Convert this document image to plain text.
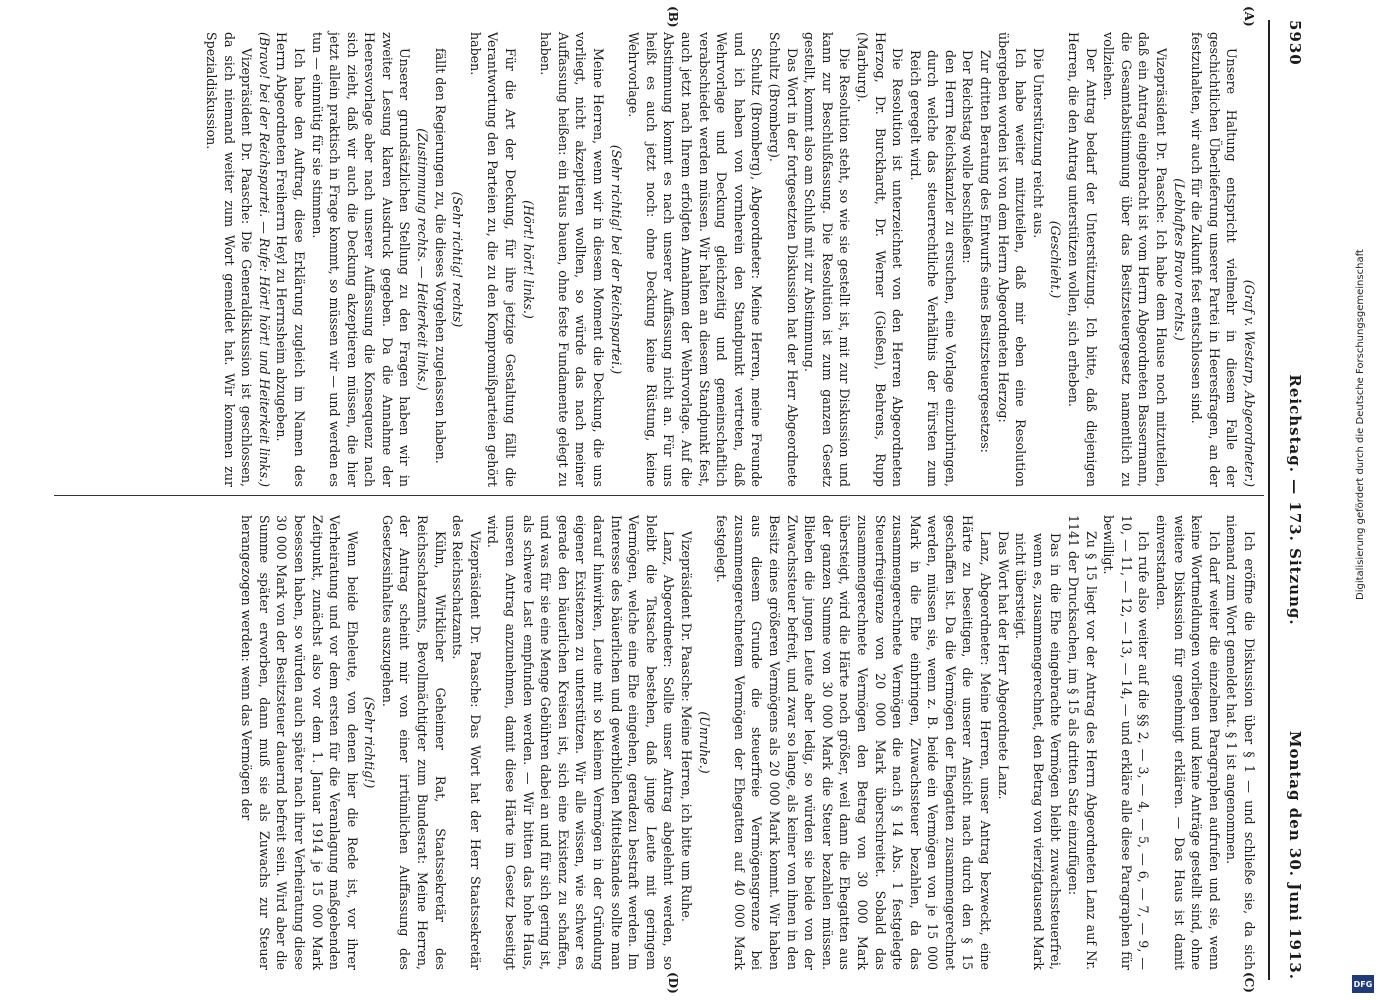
5930
Reichstag. — 173. Sitzung.
Montag den 30. Juni 1913.
(A)
(B)
(C)
(D)

(Graf v. Westarp, Abgeordneter.)

Unsere Haltung entspricht vielmehr in diesem Falle der geschichtlichen Überlieferung unserer Partei in Heeresfragen, an der festzuhalten, wir auch für die Zukunft fest entschlossen sind.

(Lebhaftes Bravo rechts.)

Vizepräsident Dr. Paasche: Ich habe dem Hause noch mitzuteilen, daß ein Antrag eingebracht ist vom Herrn Abgeordneten Bassermann, die Gesamtabstimmung über das Besitzsteuergesetz namentlich zu vollziehen.

Der Antrag bedarf der Unterstützung. Ich bitte, daß diejenigen Herren, die den Antrag unterstützen wollen, sich erheben.

(Geschieht.)

Die Unterstützung reicht aus.

Ich habe weiter mitzuteilen, daß mir eben eine Resolution übergeben worden ist von dem Herrn Abgeordneten Herzog:

Zur dritten Beratung des Entwurfs eines Besitzsteuergesetzes:

Der Reichstag wolle beschließen:

den Herrn Reichskanzler zu ersuchen, eine Vorlage einzubringen, durch welche das steuerrechtliche Verhältnis der Fürsten zum Reich geregelt wird.

Die Resolution ist unterzeichnet von den Herren Abgeordneten Herzog, Dr. Burckhardt, Dr. Werner (Gießen), Behrens, Rupp (Marburg).

Die Resolution steht, so wie sie gestellt ist, mit zur Diskussion und kann zur Beschlußfassung. Die Resolution ist zum ganzen Gesetz gestellt, kommt also am Schluß mit zur Abstimmung.

Das Wort in der fortgesetzten Diskussion hat der Herr Abgeordnete Schultz (Bromberg).

Schultz (Bromberg), Abgeordneter: Meine Herren, meine Freunde und ich haben von vornherein den Standpunkt vertreten, daß Wehrvorlage und Deckung gleichzeitig und gemeinschaftlich verabschiedet werden müssen. Wir halten an diesem Standpunkt fest, auch jetzt nach Ihrem erfolgten Annahmen der Wehrvorlage. Auf die Abstimmung kommt es nach unserer Auffassung nicht an. Für uns heißt es auch jetzt noch: ohne Deckung keine Rüstung, keine Wehrvorlage.

(Sehr richtig! bei der Reichspartei.)

Meine Herren, wenn wir in diesem Moment die Deckung, die uns vorliegt, nicht akzeptieren wollten, so würde das nach meiner Auffassung heißen: ein Haus bauen, ohne feste Fundamente gelegt zu haben.

(Hört! hört! links.)

Für die Art der Deckung, für ihre jetzige Gestaltung fällt die Verantwortung den Parteien zu, die zu den Kompromißparteien gehört haben.

(Sehr richtig! rechts)

fällt den Regierungen zu, die dieses Vorgehen zugelassen haben.

(Zustimmung rechts. — Heiterkeit links.)

Unserer grundsätzlichen Stellung zu den Fragen haben wir in zweiter Lesung klaren Ausdruck gegeben. Da die Annahme der Heeresvorlage aber nach unserer Auffassung die Konsequenz nach sich zieht, daß wir auch die Deckung akzeptieren müssen, die hier jetzt allein praktisch in Frage kommt, so müssen wir — und werden es tun — einmütig für sie stimmen.

Ich habe den Auftrag, diese Erklärung zugleich im Namen des Herrn Abgeordneten Freiherrn Heyl zu Herrnsheim abzugeben.

(Bravo! bei der Reichspartei. — Rufe: Hört! hört! und Heiterkeit links.)

Vizepräsident Dr. Paasche: Die Generaldiskussion ist geschlossen, da sich niemand weiter zum Wort gemeldet hat. Wir kommen zur Spezialdiskussion.

Ich eröffne die Diskussion über § 1 — und schließe sie, da sich niemand zum Wort gemeldet hat. § 1 ist angenommen.

Ich darf weiter die einzelnen Paragraphen aufrufen und sie, wenn keine Wortmeldungen vorliegen und keine Anträge gestellt sind, ohne weitere Diskussion für genehmigt erklären. — Das Haus ist damit einverstanden.

Ich rufe also weiter auf die §§ 2, — 3, — 4, — 5, — 6, — 7, — 9, — 10, — 11, — 12, — 13, — 14, — und erkläre alle diese Paragraphen für bewilligt.

Zu § 15 liegt vor der Antrag des Herrn Abgeordneten Lanz auf Nr. 1141 der Drucksachen, im § 15 als dritten Satz einzufügen:

Das in die Ehe eingebrachte Vermögen bleibt zuwachssteuerfrei, wenn es, zusammengerechnet, den Betrag von vierzigtausend Mark nicht übersteigt.

Das Wort hat der Herr Abgeordnete Lanz.

Lanz, Abgeordneter: Meine Herren, unser Antrag bezweckt, eine Härte zu beseitigen, die unserer Ansicht nach durch den § 15 geschaffen ist. Da die Vermögen der Ehegatten zusammengerechnet werden, müssen sie, wenn z. B. beide ein Vermögen von je 15 000 Mark in die Ehe einbringen, Zuwachssteuer bezahlen, da das zusammengerechnete Vermögen die nach § 14 Abs. 1 festgelegte Steuerfreigrenze von 20 000 Mark überschreitet. Sobald das zusammengerechnete Vermögen den Betrag von 30 000 Mark übersteigt, wird die Härte noch größer, weil dann die Ehegatten aus der ganzen Summe von 30 000 Mark die Steuer bezahlen müssen. Blieben die jungen Leute aber ledig, so würden sie beide von der Zuwachssteuer befreit, und zwar so lange, als keiner von ihnen in den Besitz eines größeren Vermögens als 20 000 Mark kommt. Wir haben aus diesem Grunde die steuerfreie Vermögensgrenze bei zusammengerechnetem Vermögen der Ehegatten auf 40 000 Mark festgelegt.

(Unruhe.)

Vizepräsident Dr. Paasche: Meine Herren, ich bitte um Ruhe.

Lanz, Abgeordneter: Sollte unser Antrag abgelehnt werden, so bleibt die Tatsache bestehen, daß junge Leute mit geringem Vermögen, welche eine Ehe eingehen, geradezu bestraft werden. Im Interesse des bäuerlichen und gewerblichen Mittelstandes sollte man darauf hinwirken, Leute mit so kleinem Vermögen in der Gründung eigener Existenzen zu unterstützen. Wir alle wissen, wie schwer es gerade den bäuerlichen Kreisen ist, sich eine Existenz zu schaffen, und was für sie eine Menge Gebühren dabei an und für sich gering ist, als schwere Last empfunden werden. — Wir bitten das hohe Haus, unseren Antrag anzunehmen, damit diese Härte im Gesetz beseitigt wird.

Vizepräsident Dr. Paasche: Das Wort hat der Herr Staatssekretär des Reichsschatzamts.

Kühn, Wirklicher Geheimer Rat, Staatssekretär des Reichsschatzamts, Bevollmächtigter zum Bundesrat: Meine Herren, der Antrag scheint mir von einer irrtümlichen Auffassung des Gesetzesinhaltes auszugehen.

(Sehr richtig!)

Wenn beide Eheleute, von denen hier die Rede ist, vor ihrer Verheiratung und vor dem ersten für die Veranlagung maßgebenden Zeitpunkt, zunächst also vor dem 1. Januar 1914 je 15 000 Mark besessen haben, so würden auch später nach ihrer Verheiratung diese 30 000 Mark von der Besitzsteuer dauernd befreit sein. Wird aber die Summe später erworben, dann muß sie als Zuwachs zur Steuer herangezogen werden: wenn das Vermögen der

Digitalisierung gefördert durch die Deutsche Forschungsgemeinschaft
DFG
